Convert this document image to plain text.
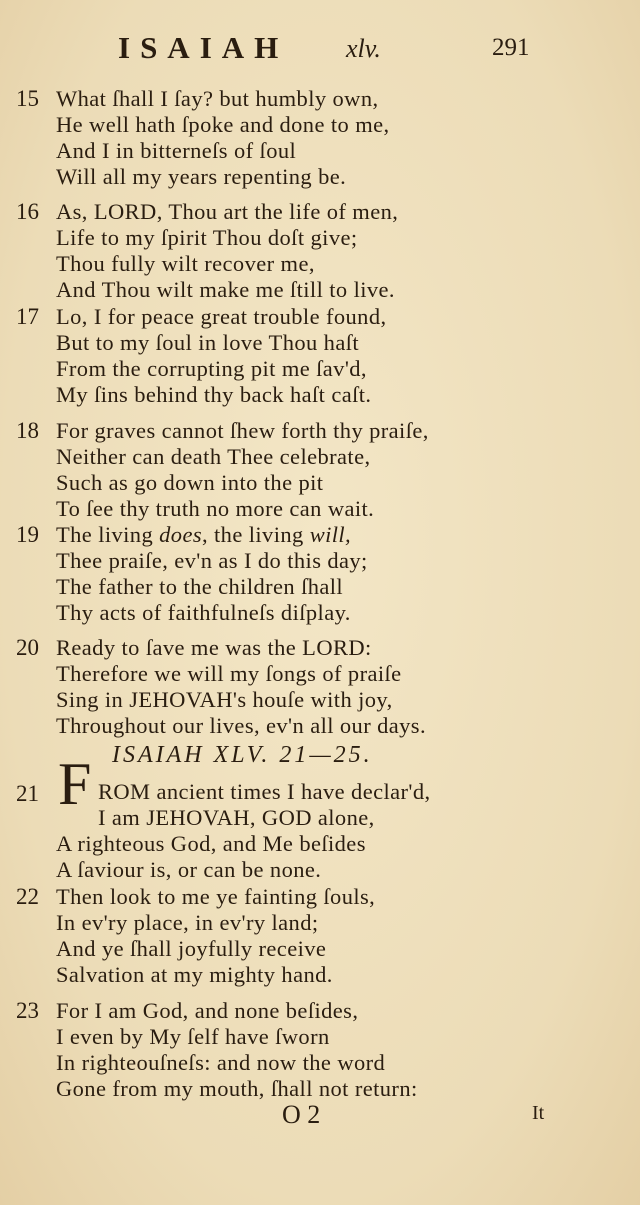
ISAIAH xlv.	291
15 What ſhall I ſay? but humbly own,
He well hath ſpoke and done to me,
And I in bitterneſs of ſoul
Will all my years repenting be.
16 As, LORD, Thou art the life of men,
Life to my ſpirit Thou doſt give;
Thou fully wilt recover me,
And Thou wilt make me ſtill to live.
17 Lo, I for peace great trouble found,
But to my ſoul in love Thou haſt
From the corrupting pit me ſav'd,
My ſins behind thy back haſt caſt.
18 For graves cannot ſhew forth thy praiſe,
Neither can death Thee celebrate,
Such as go down into the pit
To ſee thy truth no more can wait.
19 The living does, the living will,
Thee praiſe, ev'n as I do this day;
The father to the children ſhall
Thy acts of faithfulneſs diſplay.
20 Ready to ſave me was the LORD:
Therefore we will my ſongs of praiſe
Sing in JEHOVAH's houſe with joy,
Throughout our lives, ev'n all our days.
ISAIAH XLV. 21—25.
21 F ROM ancient times I have declar'd,
I am JEHOVAH, GOD alone,
A righteous God, and Me beſides
A ſaviour is, or can be none.
22 Then look to me ye fainting ſouls,
In ev'ry place, in ev'ry land;
And ye ſhall joyfully receive
Salvation at my mighty hand.
23 For I am God, and none beſides,
I even by My ſelf have ſworn
In righteouſneſs: and now the word
Gone from my mouth, ſhall not return:
O 2	It
